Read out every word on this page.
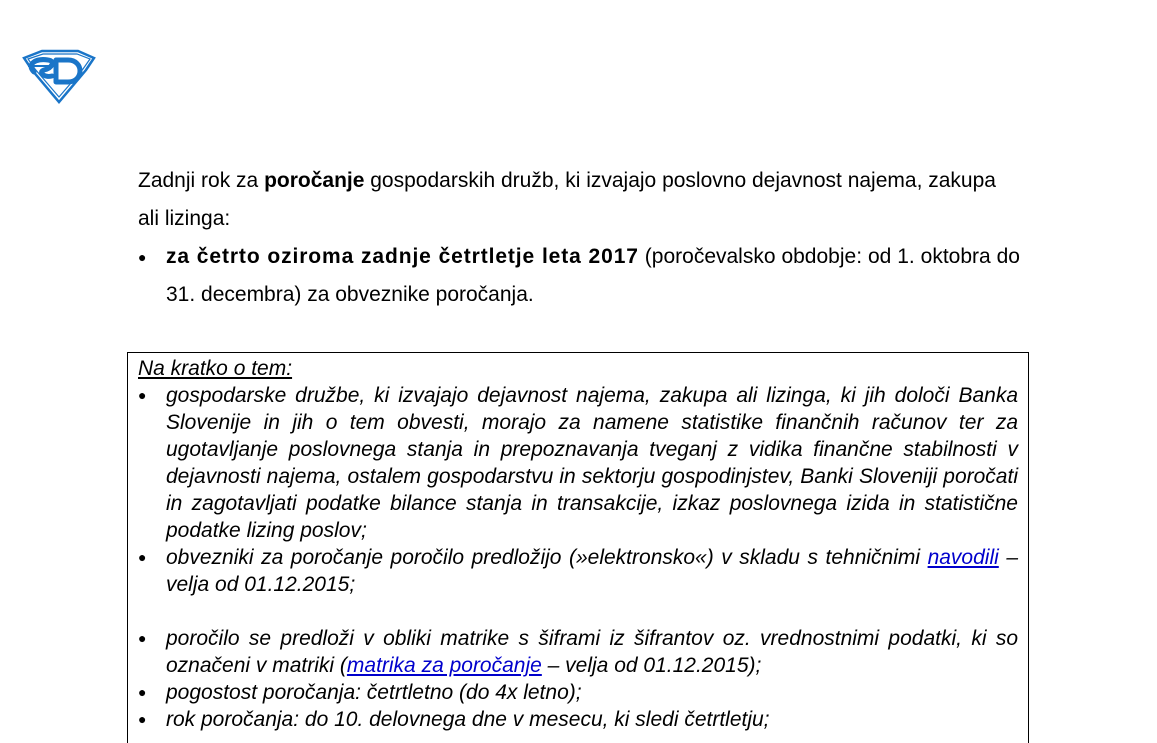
Zadnji rok za poročanje gospodarskih družb, ki izvajajo poslovno dejavnost najema, zakupa ali lizinga:

● za četrto oziroma zadnje četrtletje leta 2017 (poročevalsko obdobje: od 1. oktobra do 31. decembra) za obveznike poročanja.

Na kratko o tem:

● gospodarske družbe, ki izvajajo dejavnost najema, zakupa ali lizinga, ki jih določi Banka Slovenije in jih o tem obvesti, morajo za namene statistike finančnih računov ter za ugotavljanje poslovnega stanja in prepoznavanja tveganj z vidika finančne stabilnosti v dejavnosti najema, ostalem gospodarstvu in sektorju gospodinjstev, Banki Sloveniji poročati in zagotavljati podatke bilance stanja in transakcije, izkaz poslovnega izida in statistične podatke lizing poslov;
● obvezniki za poročanje poročilo predložijo (»elektronsko«) v skladu s tehničnimi navodili – velja od 01.12.2015;
● poročilo se predloži v obliki matrike s šiframi iz šifrantov oz. vrednostnimi podatki, ki so označeni v matriki (matrika za poročanje – velja od 01.12.2015);
● pogostost poročanja: četrtletno (do 4x letno);
● rok poročanja: do 10. delovnega dne v mesecu, ki sledi četrtletju;
